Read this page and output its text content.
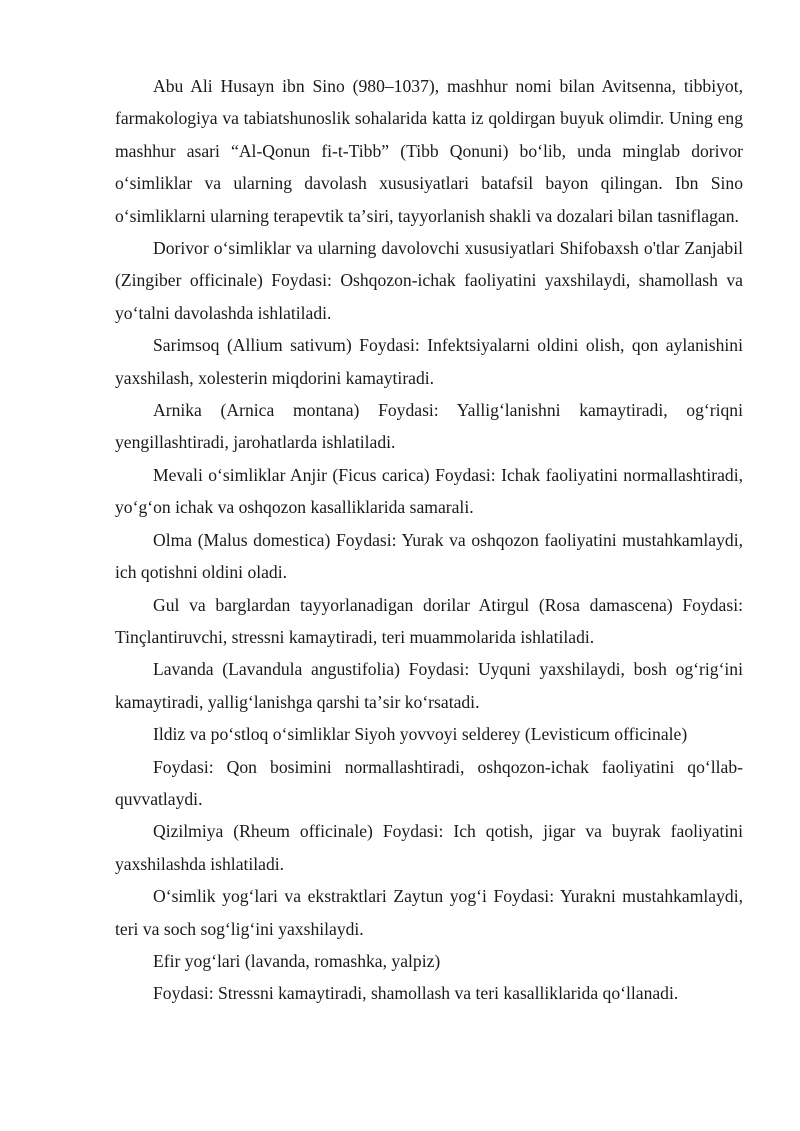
Abu Ali Husayn ibn Sino (980–1037), mashhur nomi bilan Avitsenna, tibbiyot, farmakologiya va tabiatshunoslik sohalarida katta iz qoldirgan buyuk olimdir. Uning eng mashhur asari “Al-Qonun fi-t-Tibb” (Tibb Qonuni) boʻlib, unda minglab dorivor oʻsimliklar va ularning davolash xususiyatlari batafsil bayon qilingan. Ibn Sino oʻsimliklarni ularning terapevtik taʼsiri, tayyorlanish shakli va dozalari bilan tasniflagan.

Dorivor oʻsimliklar va ularning davolovchi xususiyatlari Shifobaxsh o'tlar Zanjabil (Zingiber officinale) Foydasi: Oshqozon-ichak faoliyatini yaxshilaydi, shamollash va yoʻtalni davolashda ishlatiladi.

Sarimsoq (Allium sativum) Foydasi: Infektsiyalarni oldini olish, qon aylanishini yaxshilash, xolesterin miqdorini kamaytiradi.

Arnika (Arnica montana) Foydasi: Yalligʻlanishni kamaytiradi, ogʻriqni yengillashtiradi, jarohatlarda ishlatiladi.

Mevali oʻsimliklar Anjir (Ficus carica) Foydasi: Ichak faoliyatini normallashtiradi, yoʻgʻon ichak va oshqozon kasalliklarida samarali.

Olma (Malus domestica) Foydasi: Yurak va oshqozon faoliyatini mustahkamlaydi, ich qotishni oldini oladi.

Gul va barglardan tayyorlanadigan dorilar Atirgul (Rosa damascena) Foydasi: Tinçlantiruvchi, stressni kamaytiradi, teri muammolarida ishlatiladi.

Lavanda (Lavandula angustifolia) Foydasi: Uyquni yaxshilaydi, bosh ogʻrigʻini kamaytiradi, yalligʻlanishga qarshi taʼsir koʻrsatadi.

Ildiz va poʻstloq oʻsimliklar Siyoh yovvoyi selderey (Levisticum officinale)

Foydasi: Qon bosimini normallashtiradi, oshqozon-ichak faoliyatini qoʻllab-quvvatlaydi.

Qizilmiya (Rheum officinale) Foydasi: Ich qotish, jigar va buyrak faoliyatini yaxshilashda ishlatiladi.

Oʻsimlik yogʻlari va ekstraktlari Zaytun yogʻi Foydasi: Yurakni mustahkamlaydi, teri va soch sogʻligʻini yaxshilaydi.

Efir yogʻlari (lavanda, romashka, yalpiz)

Foydasi: Stressni kamaytiradi, shamollash va teri kasalliklarida qoʻllanadi.
